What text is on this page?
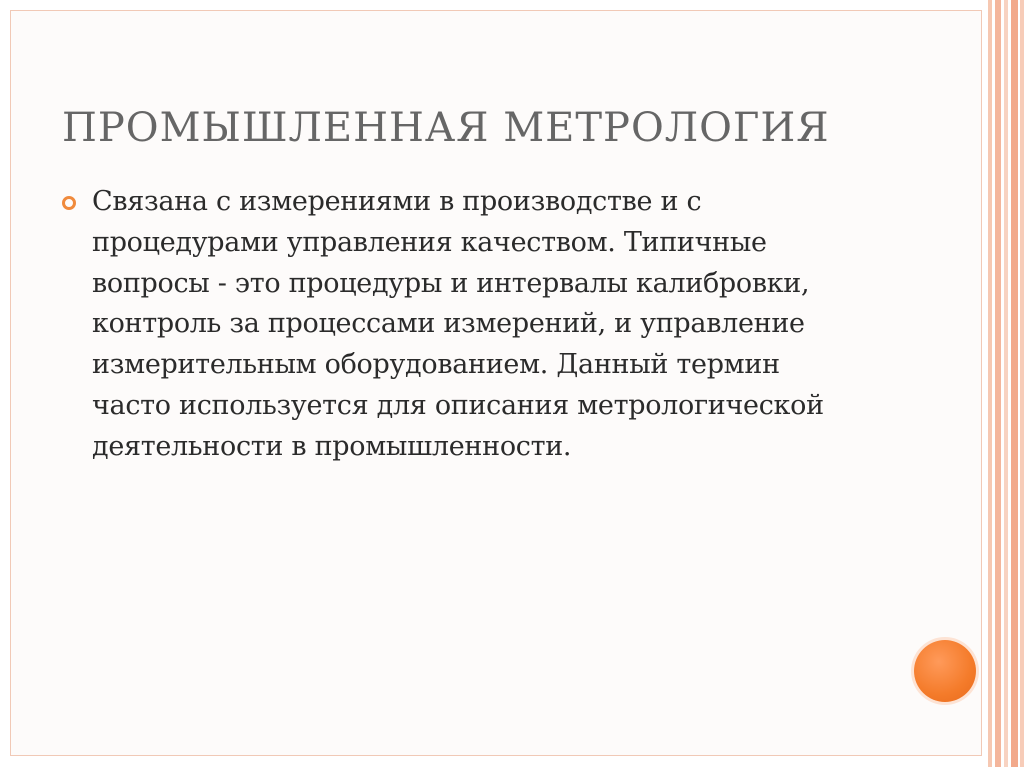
ПРОМЫШЛЕННАЯ МЕТРОЛОГИЯ
Связана с измерениями в производстве и с процедурами управления качеством. Типичные вопросы - это процедуры и интервалы калибровки, контроль за процессами измерений, и управление измерительным оборудованием. Данный термин часто используется для описания метрологической деятельности в промышленности.
